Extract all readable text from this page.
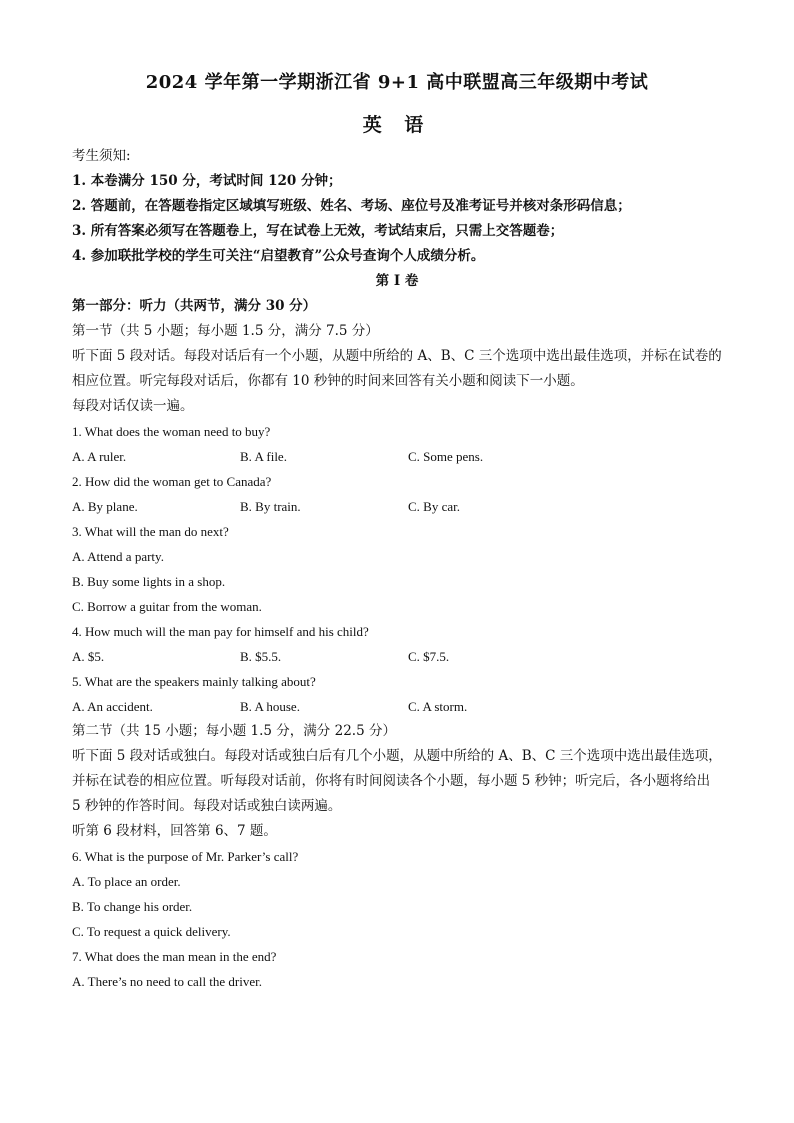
2024 学年第一学期浙江省 9+1 高中联盟高三年级期中考试
英 语

考生须知:

1. 本卷满分 150 分，考试时间 120 分钟；

2. 答题前，在答题卷指定区域填写班级、姓名、考场、座位号及准考证号并核对条形码信息；

3. 所有答案必须写在答题卷上，写在试卷上无效，考试结束后，只需上交答题卷；

4. 参加联批学校的学生可关注“启望教育”公众号查询个人成绩分析。

第 I 卷

第一部分：听力（共两节，满分 30 分）

第一节（共 5 小题；每小题 1.5 分，满分 7.5 分）

听下面 5 段对话。每段对话后有一个小题，从题中所给的 A、B、C 三个选项中选出最佳选项，并标在试卷的相应位置。听完每段对话后，你都有 10 秒钟的时间来回答有关小题和阅读下一小题。

每段对话仅读一遍。

1. What does the woman need to buy?

A. A ruler.	B. A file.	C. Some pens.

2. How did the woman get to Canada?

A. By plane.	B. By train.	C. By car.

3. What will the man do next?

A. Attend a party.

B. Buy some lights in a shop.

C. Borrow a guitar from the woman.

4. How much will the man pay for himself and his child?

A. $5.	B. $5.5.	C. $7.5.

5. What are the speakers mainly talking about?

A. An accident.	B. A house.	C. A storm.

第二节（共 15 小题；每小题 1.5 分，满分 22.5 分）

听下面 5 段对话或独白。每段对话或独白后有几个小题，从题中所给的 A、B、C 三个选项中选出最佳选项，并标在试卷的相应位置。听每段对话前，你将有时间阅读各个小题，每小题 5 秒钟；听完后，各小题将给出 5 秒钟的作答时间。每段对话或独白读两遍。

听第 6 段材料，回答第 6、7 题。

6. What is the purpose of Mr. Parker’s call?

A. To place an order.

B. To change his order.

C. To request a quick delivery.

7. What does the man mean in the end?

A. There’s no need to call the driver.
